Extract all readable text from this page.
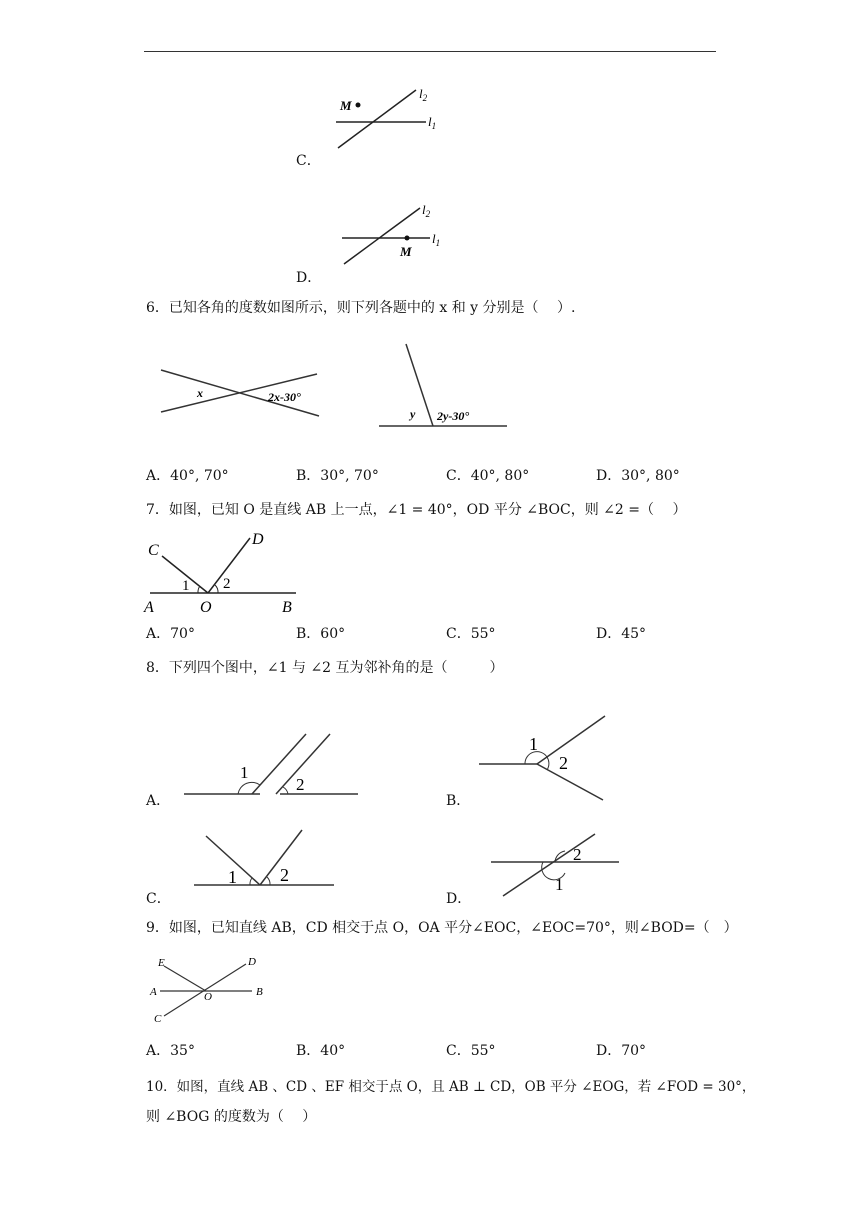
M
$l_2$
$l_1$
C．
M
$l_2$
$l_1$
D．
6．已知各角的度数如图所示，则下列各题中的 x 和 y 分别是（　 ）.
x	2x-30°
y 2y-30°
A．40°, 70°	B．30°, 70°	C．40°, 80°	D．30°, 80°
7．如图，已知 O 是直线 AB 上一点，∠1 = 40°，OD 平分 ∠BOC，则 ∠2 =（　 ）
C
D
A	O	B
1 2
A．70°	B．60°	C．55°	D．45°
8．下列四个图中，∠1 与 ∠2 互为邻补角的是（　　　）
1
2
A．
1
2
B．
1 2
C．
2
1
D．
9．如图，已知直线 AB，CD 相交于点 O，OA 平分∠EOC，∠EOC=70°，则∠BOD=（　）
E	D
A	O	B
C
A．35°	B．40°	C．55°	D．70°
10．如图，直线 AB 、CD 、EF 相交于点 O，且 AB ⊥ CD，OB 平分 ∠EOG，若 ∠FOD = 30°，
则 ∠BOG 的度数为（　 ）
